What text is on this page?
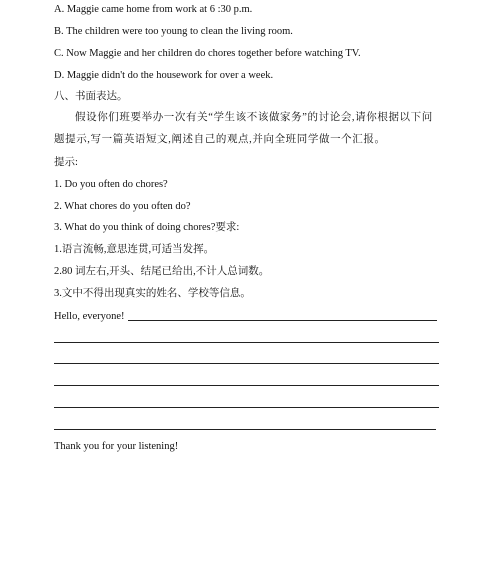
A. Maggie came home from work at 6 :30 p.m.
B. The children were too young to clean the living room.
C. Now Maggie and her children do chores together before watching TV.
D. Maggie didn't do the housework for over a week.
八、书面表达。
假设你们班要举办一次有关“学生该不该做家务”的讨论会,请你根据以下问题提示,写一篇英语短文,阐述自己的观点,并向全班同学做一个汇报。
提示:
1. Do you often do chores?
2. What chores do you often do?
3. What do you think of doing chores?要求:
1.语言流畅,意思连贯,可适当发挥。
2.80 词左右,开头、结尾已给出,不计人总词数。
3.文中不得出现真实的姓名、学校等信息。
Hello, everyone!
Thank you for your listening!
